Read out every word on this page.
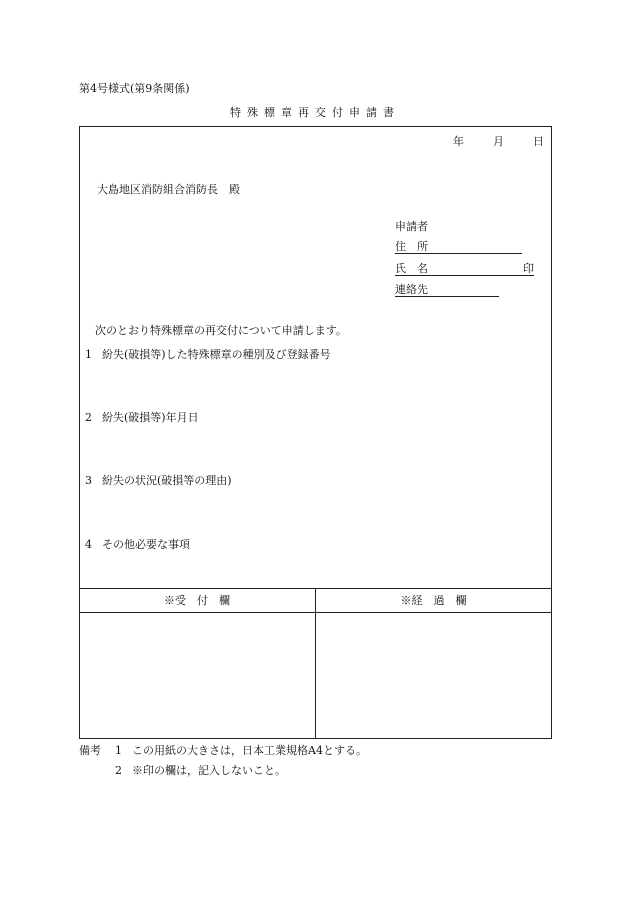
第4号様式(第9条関係)
特殊標章再交付申請書
年	月	日
大島地区消防組合消防長　殿
申請者
住　所
氏　名	印
連絡先
次のとおり特殊標章の再交付について申請します。
1 紛失(破損等)した特殊標章の種別及び登録番号
2 紛失(破損等)年月日
3 紛失の状況(破損等の理由)
4 その他必要な事項
※受　付　欄	※経　過　欄
備考 1 この用紙の大きさは，日本工業規格A4とする。
2 ※印の欄は，記入しないこと。
